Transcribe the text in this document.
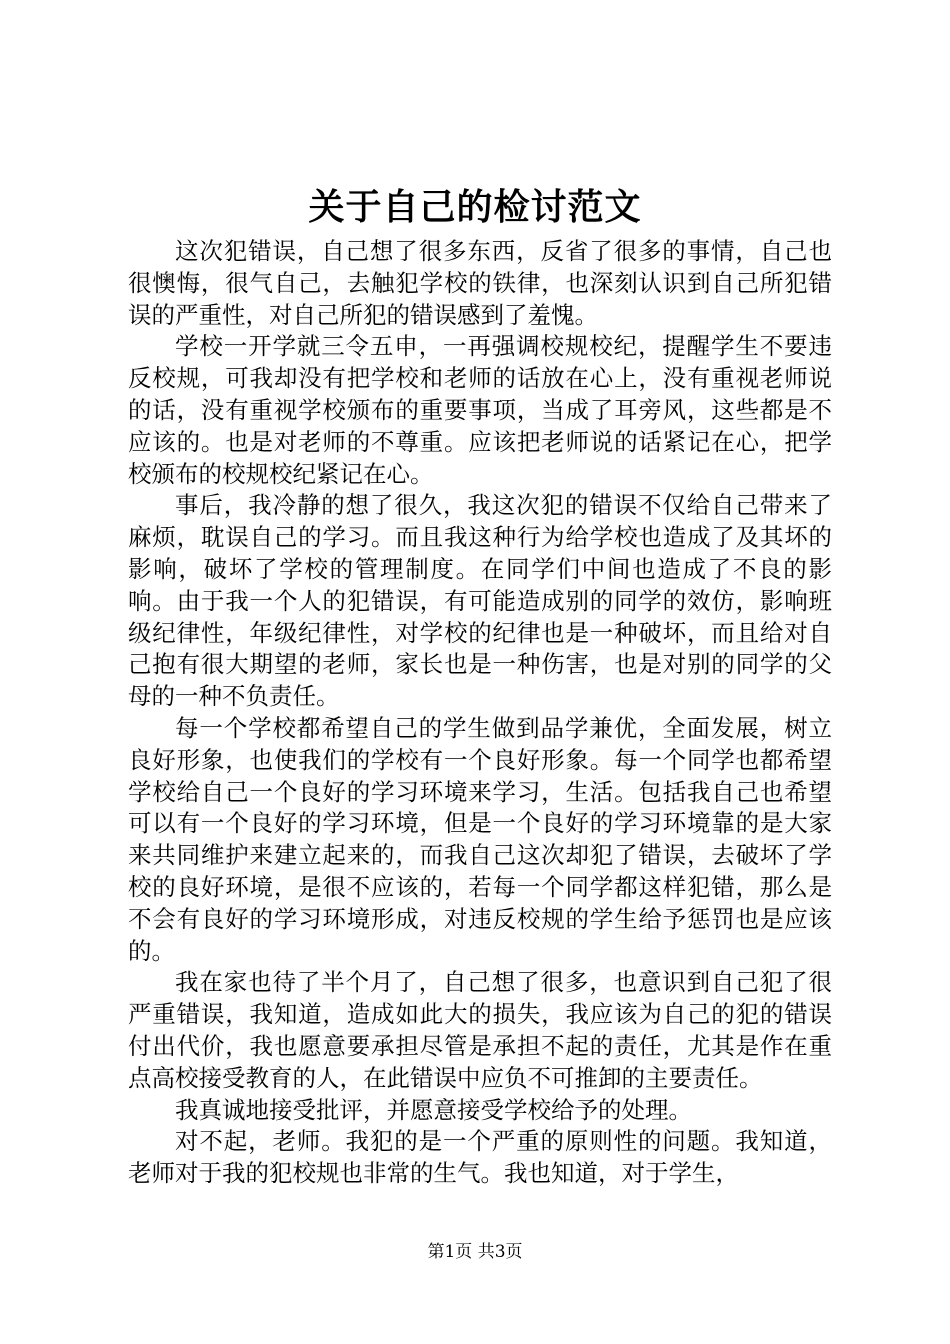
关于自己的检讨范文

这次犯错误，自己想了很多东西，反省了很多的事情，自己也很懊悔，很气自己，去触犯学校的铁律，也深刻认识到自己所犯错误的严重性，对自己所犯的错误感到了羞愧。

学校一开学就三令五申，一再强调校规校纪，提醒学生不要违反校规，可我却没有把学校和老师的话放在心上，没有重视老师说的话，没有重视学校颁布的重要事项，当成了耳旁风，这些都是不应该的。也是对老师的不尊重。应该把老师说的话紧记在心，把学校颁布的校规校纪紧记在心。

事后，我冷静的想了很久，我这次犯的错误不仅给自己带来了麻烦，耽误自己的学习。而且我这种行为给学校也造成了及其坏的影响，破坏了学校的管理制度。在同学们中间也造成了不良的影响。由于我一个人的犯错误，有可能造成别的同学的效仿，影响班级纪律性，年级纪律性，对学校的纪律也是一种破坏，而且给对自己抱有很大期望的老师，家长也是一种伤害，也是对别的同学的父母的一种不负责任。

每一个学校都希望自己的学生做到品学兼优，全面发展，树立良好形象，也使我们的学校有一个良好形象。每一个同学也都希望学校给自己一个良好的学习环境来学习，生活。包括我自己也希望可以有一个良好的学习环境，但是一个良好的学习环境靠的是大家来共同维护来建立起来的，而我自己这次却犯了错误，去破坏了学校的良好环境，是很不应该的，若每一个同学都这样犯错，那么是不会有良好的学习环境形成，对违反校规的学生给予惩罚也是应该的。

我在家也待了半个月了，自己想了很多，也意识到自己犯了很严重错误，我知道，造成如此大的损失，我应该为自己的犯的错误付出代价，我也愿意要承担尽管是承担不起的责任，尤其是作在重点高校接受教育的人，在此错误中应负不可推卸的主要责任。

我真诚地接受批评，并愿意接受学校给予的处理。

对不起，老师。我犯的是一个严重的原则性的问题。我知道，老师对于我的犯校规也非常的生气。我也知道，对于学生，

第1页 共3页
